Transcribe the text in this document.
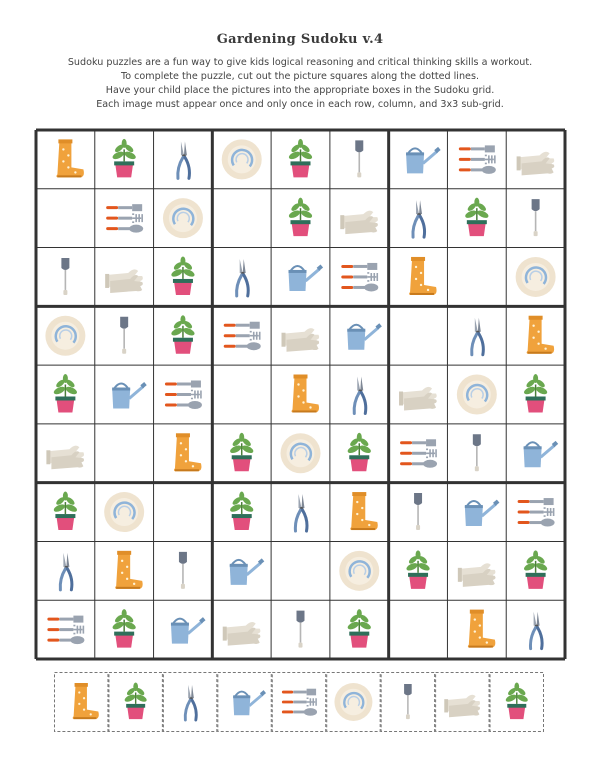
Gardening Sudoku v.4
Sudoku puzzles are a fun way to give kids logical reasoning and critical thinking skills a workout.
To complete the puzzle, cut out the picture squares along the dotted lines.
Have your child place the pictures into the appropriate boxes in the Sudoku grid.
Each image must appear once and only once in each row, column, and 3x3 sub-grid.
